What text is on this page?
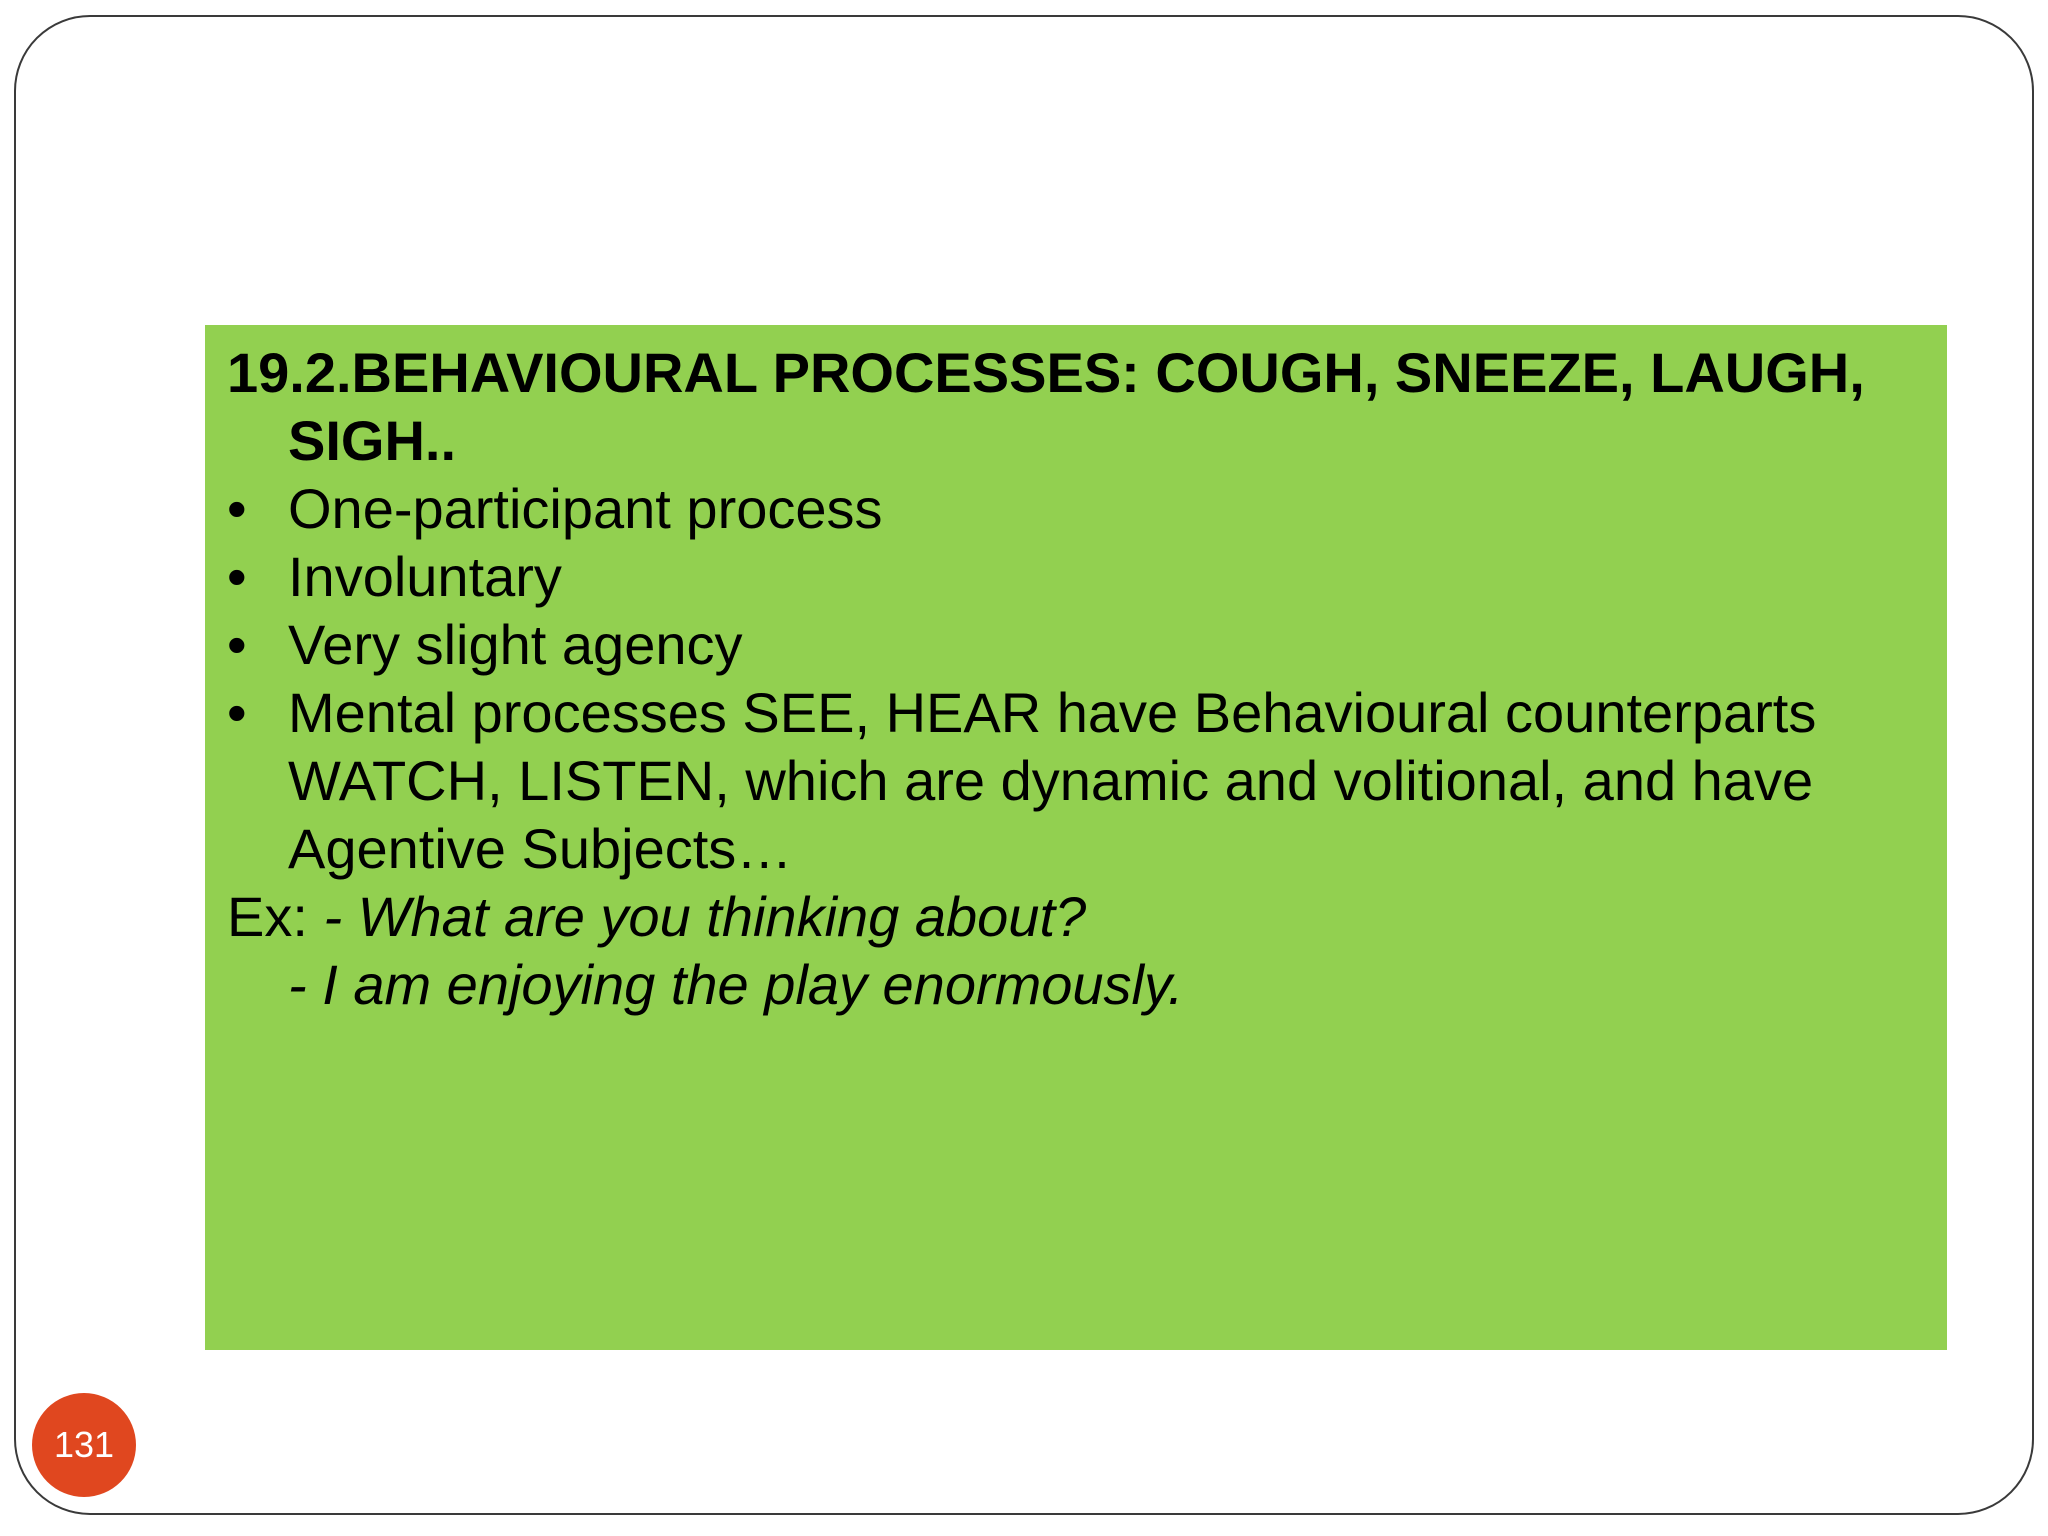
19.2.BEHAVIOURAL PROCESSES: COUGH, SNEEZE, LAUGH, SIGH..

• One-participant process
• Involuntary
• Very slight agency
• Mental processes SEE, HEAR have Behavioural counterparts WATCH, LISTEN, which are dynamic and volitional, and have Agentive Subjects…
Ex: - What are you thinking about?
- I am enjoying the play enormously.
131
